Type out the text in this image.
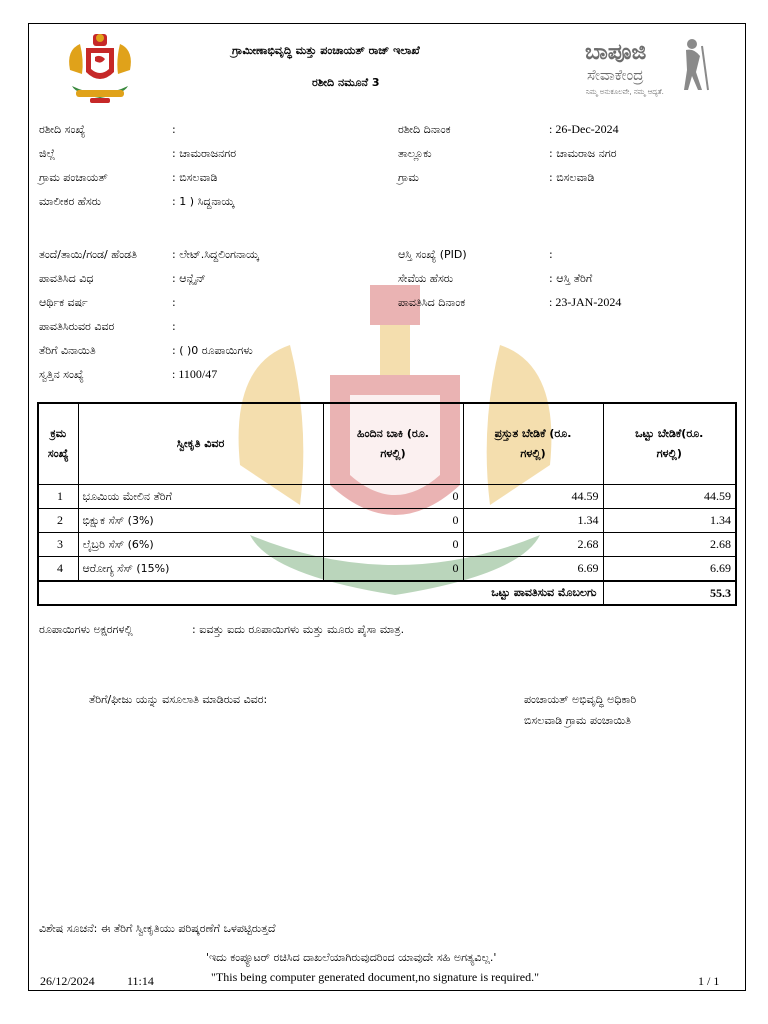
ಗ್ರಾಮೀಣಾಭಿವೃದ್ಧಿ ಮತ್ತು ಪಂಚಾಯತ್ ರಾಜ್ ಇಲಾಖೆ
ರಶೀದಿ ನಮೂನೆ 3
ಬಾಪೂಜಿ
ಸೇವಾಕೇಂದ್ರ
ನಿಮ್ಮ ಅನುಕೂಲವೇ, ನಮ್ಮ ಆದ್ಯತೆ.
ರಶೀದಿ ಸಂಖ್ಯೆ	:
ಜಿಲ್ಲೆ	: ಚಾಮರಾಜನಗರ
ಗ್ರಾಮ ಪಂಚಾಯತ್	: ಬಿಸಲವಾಡಿ
ಮಾಲೀಕರ ಹೆಸರು	: 1 ) ಸಿದ್ದನಾಯ್ಕ
ತಂದೆ/ತಾಯಿ/ಗಂಡ/ ಹೆಂಡತಿ	: ಲೇಟ್.ಸಿದ್ದಲಿಂಗನಾಯ್ಕ
ಪಾವತಿಸಿದ ವಿಧ	: ಆನ್ಲೈನ್
ಆರ್ಥಿಕ ವರ್ಷ	:
ಪಾವತಿಸಿರುವರ ವಿವರ	:
ತೆರಿಗೆ ವಿನಾಯಿತಿ	: ( )0 ರೂಪಾಯಿಗಳು
ಸ್ವತ್ತಿನ ಸಂಖ್ಯೆ	: 1100/47
ರಶೀದಿ ದಿನಾಂಕ	: 26-Dec-2024
ತಾಲ್ಲೂಕು	: ಚಾಮರಾಜ ನಗರ
ಗ್ರಾಮ	: ಬಿಸಲವಾಡಿ
ಆಸ್ತಿ ಸಂಖ್ಯೆ (PID)	:
ಸೇವೆಯ ಹೆಸರು	: ಆಸ್ತಿ ತೆರಿಗೆ
ಪಾವತಿಸಿದ ದಿನಾಂಕ	: 23-JAN-2024
ಕ್ರಮ ಸಂಖ್ಯೆ	ಸ್ವೀಕೃತಿ ವಿವರ	ಹಿಂದಿನ ಬಾಕಿ (ರೂ. ಗಳಲ್ಲಿ)	ಪ್ರಸ್ತುತ ಬೇಡಿಕೆ (ರೂ. ಗಳಲ್ಲಿ)	ಒಟ್ಟು ಬೇಡಿಕೆ(ರೂ. ಗಳಲ್ಲಿ)

1	ಭೂಮಿಯ ಮೇಲಿನ ತೆರಿಗೆ	0	44.59	44.59
2	ಭಿಕ್ಷುಕ ಸೆಸ್ (3%)	0	1.34	1.34
3	ಲೈಬ್ರರಿ ಸೆಸ್ (6%)	0	2.68	2.68
4	ಆರೋಗ್ಯ ಸೆಸ್ (15%)	0	6.69	6.69
ಒಟ್ಟು ಪಾವತಿಸುವ ಮೊಬಲಗು				55.3
ರೂಪಾಯಿಗಳು ಅಕ್ಷರಗಳಲ್ಲಿ	: ಐವತ್ತು ಐದು ರೂಪಾಯಿಗಳು ಮತ್ತು ಮೂರು ಪೈಸಾ ಮಾತ್ರ.
ತೆರಿಗೆ/ಫೀಜು ಯನ್ನು ವಸೂಲಾತಿ ಮಾಡಿರುವ ವಿವರ:	ಪಂಚಾಯತ್ ಅಭಿವೃದ್ಧಿ ಅಧಿಕಾರಿ
ಬಿಸಲವಾಡಿ ಗ್ರಾಮ ಪಂಚಾಯಿತಿ
ವಿಶೇಷ ಸೂಚನೆ: ಈ ತೆರಿಗೆ ಸ್ವೀಕೃತಿಯು ಪರಿಷ್ಕರಣೆಗೆ ಒಳಪಟ್ಟಿರುತ್ತದೆ
'ಇದು ಕಂಪ್ಯೂಟರ್ ರಚಿಸಿದ ದಾಖಲೆಯಾಗಿರುವುದರಿಂದ ಯಾವುದೇ ಸಹಿ ಅಗತ್ಯವಿಲ್ಲ.'
"This being computer generated document,no signature is required."
26/12/2024	11:14	1 / 1
